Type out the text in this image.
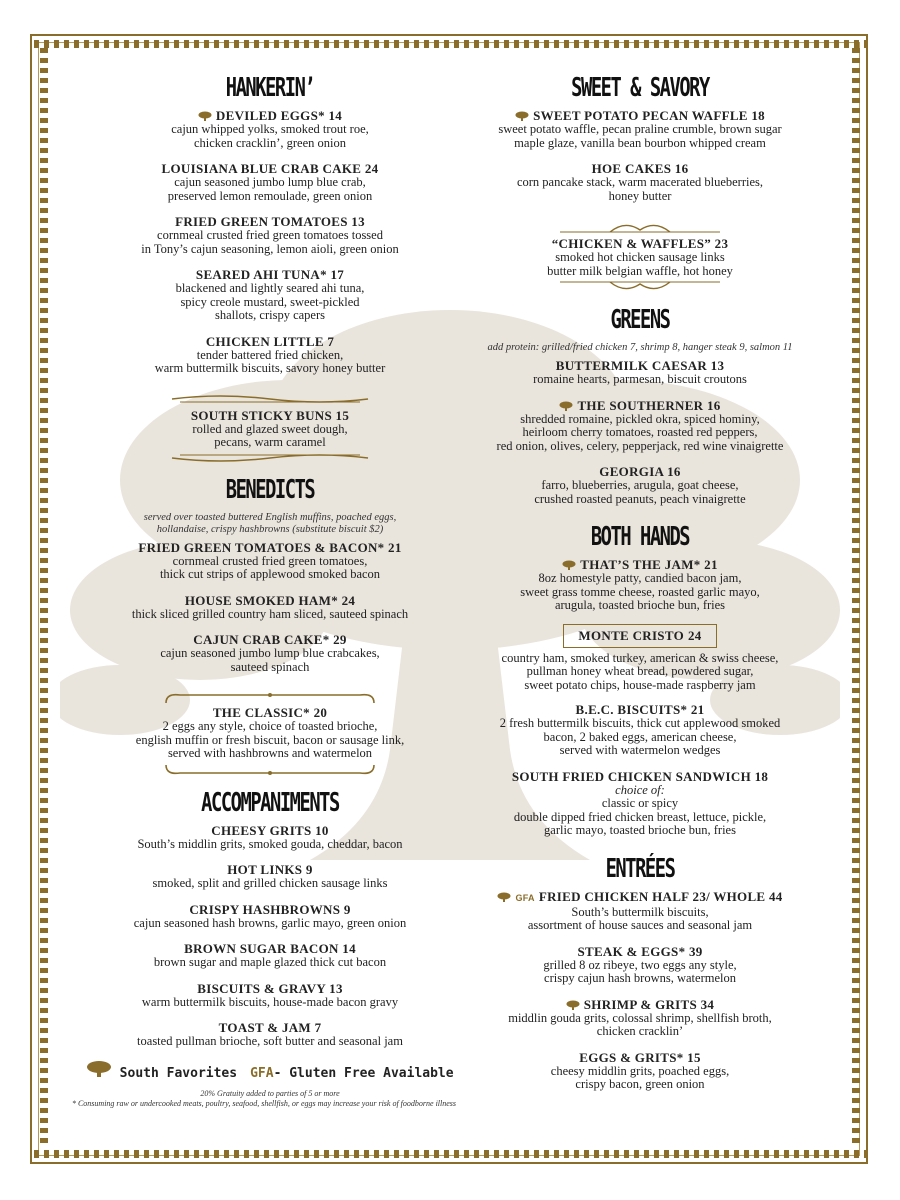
HANKERIN’
DEVILED EGGS* 14
cajun whipped yolks, smoked trout roe,
chicken cracklin’, green onion
LOUISIANA BLUE CRAB CAKE 24
cajun seasoned jumbo lump blue crab,
preserved lemon remoulade, green onion
FRIED GREEN TOMATOES 13
cornmeal crusted fried green tomatoes tossed
in Tony’s cajun seasoning, lemon aioli, green onion
SEARED AHI TUNA* 17
blackened and lightly seared ahi tuna,
spicy creole mustard, sweet-pickled
shallots, crispy capers
CHICKEN LITTLE 7
tender battered fried chicken,
warm buttermilk biscuits, savory honey butter
SOUTH STICKY BUNS 15
rolled and glazed sweet dough,
pecans, warm caramel
BENEDICTS
served over toasted buttered English muffins, poached eggs,
hollandaise, crispy hashbrowns (substitute biscuit $2)
FRIED GREEN TOMATOES & BACON* 21
cornmeal crusted fried green tomatoes,
thick cut strips of applewood smoked bacon
HOUSE SMOKED HAM* 24
thick sliced grilled country ham sliced, sauteed spinach
CAJUN CRAB CAKE* 29
cajun seasoned jumbo lump blue crabcakes,
sauteed spinach
THE CLASSIC* 20
2 eggs any style, choice of toasted brioche,
english muffin or fresh biscuit, bacon or sausage link,
served with hashbrowns and watermelon
ACCOMPANIMENTS
CHEESY GRITS 10
South’s middlin grits, smoked gouda, cheddar, bacon
HOT LINKS 9
smoked, split and grilled chicken sausage links
CRISPY HASHBROWNS 9
cajun seasoned hash browns, garlic mayo, green onion
BROWN SUGAR BACON 14
brown sugar and maple glazed thick cut bacon
BISCUITS & GRAVY 13
warm buttermilk biscuits, house-made bacon gravy
TOAST & JAM 7
toasted pullman brioche, soft butter and seasonal jam
South Favorites GFA- Gluten Free Available
20% Gratuity added to parties of 5 or more
* Consuming raw or undercooked meats, poultry, seafood, shellfish, or eggs may increase your risk of foodborne illness
SWEET & SAVORY
SWEET POTATO PECAN WAFFLE 18
sweet potato waffle, pecan praline crumble, brown sugar
maple glaze, vanilla bean bourbon whipped cream
HOE CAKES 16
corn pancake stack, warm macerated blueberries,
honey butter
“CHICKEN & WAFFLES” 23
smoked hot chicken sausage links
butter milk belgian waffle, hot honey
GREENS
add protein: grilled/fried chicken 7, shrimp 8, hanger steak 9, salmon 11
BUTTERMILK CAESAR 13
romaine hearts, parmesan, biscuit croutons
THE SOUTHERNER 16
shredded romaine, pickled okra, spiced hominy,
heirloom cherry tomatoes, roasted red peppers,
red onion, olives, celery, pepperjack, red wine vinaigrette
GEORGIA 16
farro, blueberries, arugula, goat cheese,
crushed roasted peanuts, peach vinaigrette
BOTH HANDS
THAT’S THE JAM* 21
8oz homestyle patty, candied bacon jam,
sweet grass tomme cheese, roasted garlic mayo,
arugula, toasted brioche bun, fries
MONTE CRISTO 24
country ham, smoked turkey, american & swiss cheese,
pullman honey wheat bread, powdered sugar,
sweet potato chips, house-made raspberry jam
B.E.C. BISCUITS* 21
2 fresh buttermilk biscuits, thick cut applewood smoked
bacon, 2 baked eggs, american cheese,
served with watermelon wedges
SOUTH FRIED CHICKEN SANDWICH 18
choice of:
classic or spicy
double dipped fried chicken breast, lettuce, pickle,
garlic mayo, toasted brioche bun, fries
ENTRÉES
GFA FRIED CHICKEN HALF 23/ WHOLE 44
South’s buttermilk biscuits,
assortment of house sauces and seasonal jam
STEAK & EGGS* 39
grilled 8 oz ribeye, two eggs any style,
crispy cajun hash browns, watermelon
SHRIMP & GRITS 34
middlin gouda grits, colossal shrimp, shellfish broth,
chicken cracklin’
EGGS & GRITS* 15
cheesy middlin grits, poached eggs,
crispy bacon, green onion
